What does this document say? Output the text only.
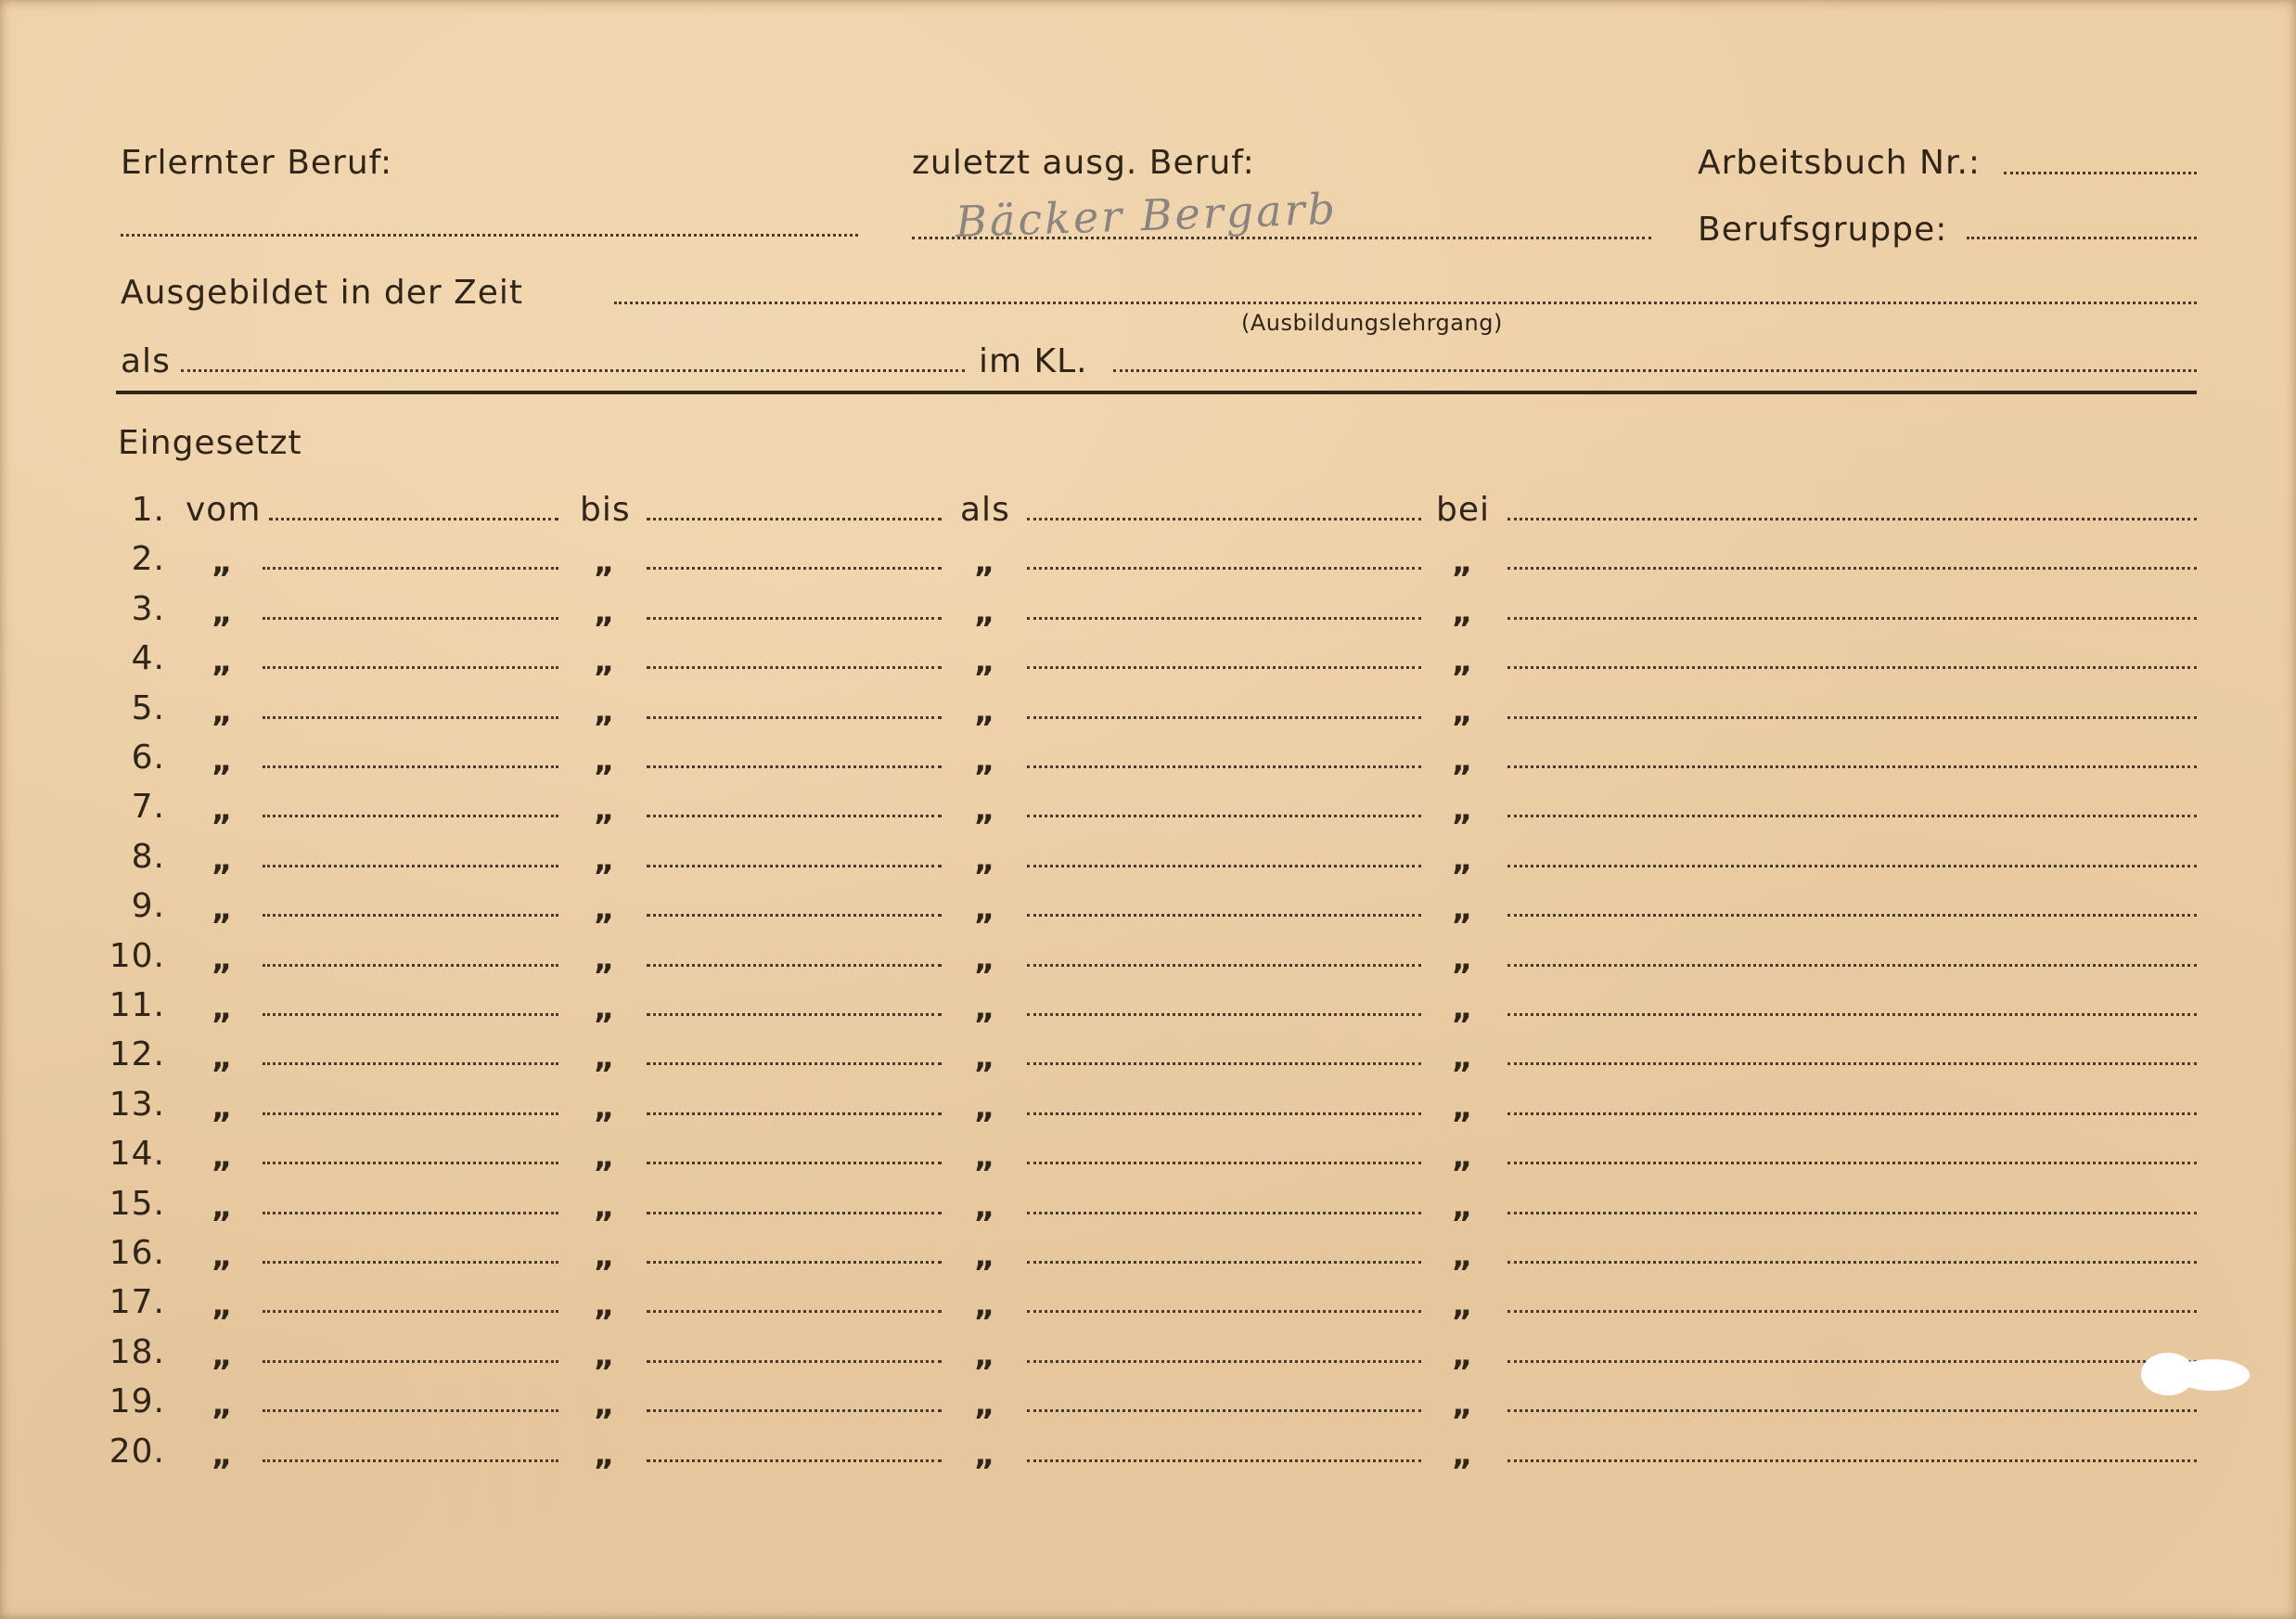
Erlernter Beruf:	zuletzt ausg. Beruf:
Bäcker Bergarb
Arbeitsbuch Nr.:
Berufsgruppe:
Ausgebildet in der Zeit
(Ausbildungslehrgang)
als	im KL.
Eingesetzt
1. vom	bis	als	bei
2. „	„	„	„
3. „	„	„	„
4. „	„	„	„
5. „	„	„	„
6. „	„	„	„
7. „	„	„	„
8. „	„	„	„
9. „	„	„	„
10. „	„	„	„
11. „	„	„	„
12. „	„	„	„
13. „	„	„	„
14. „	„	„	„
15. „	„	„	„
16. „	„	„	„
17. „	„	„	„
18. „	„	„	„
19. „	„	„	„
20. „	„	„	„
